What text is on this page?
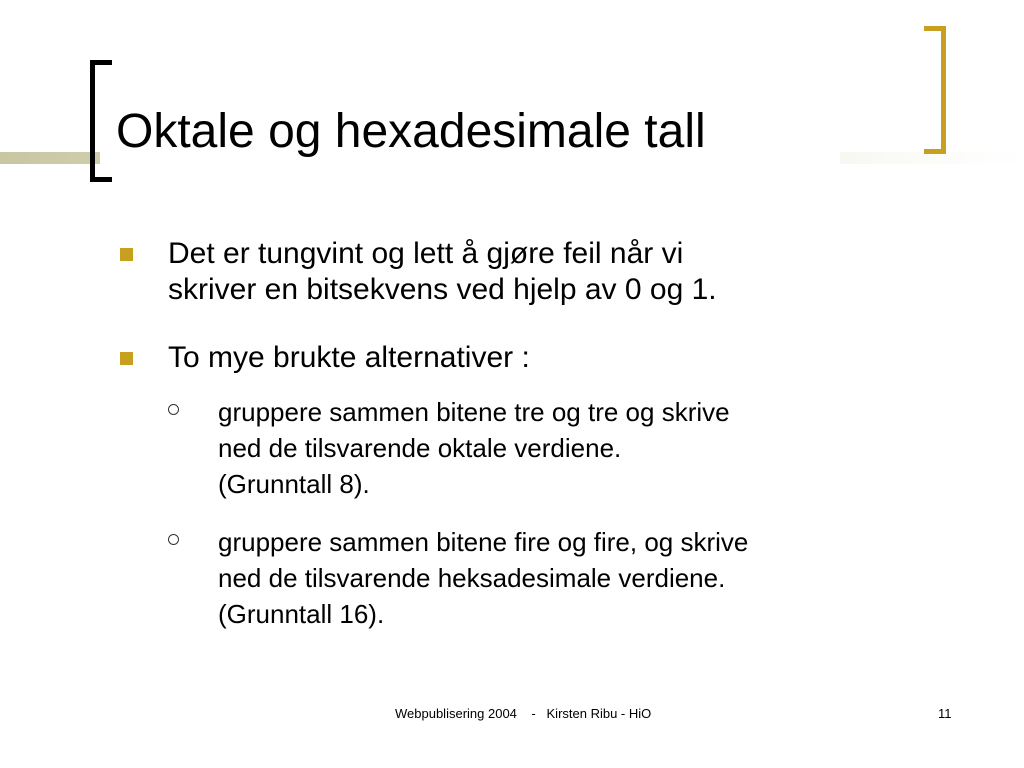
Oktale og hexadesimale tall
Det er tungvint og lett å gjøre feil når vi
skriver en bitsekvens ved hjelp av 0 og 1.
To mye brukte alternativer :
gruppere sammen bitene tre og tre og skrive
ned de tilsvarende oktale verdiene.
(Grunntall 8).
gruppere sammen bitene fire og fire, og skrive
ned de tilsvarende heksadesimale verdiene.
(Grunntall 16).
Webpublisering 2004    -   Kirsten Ribu - HiO	11
